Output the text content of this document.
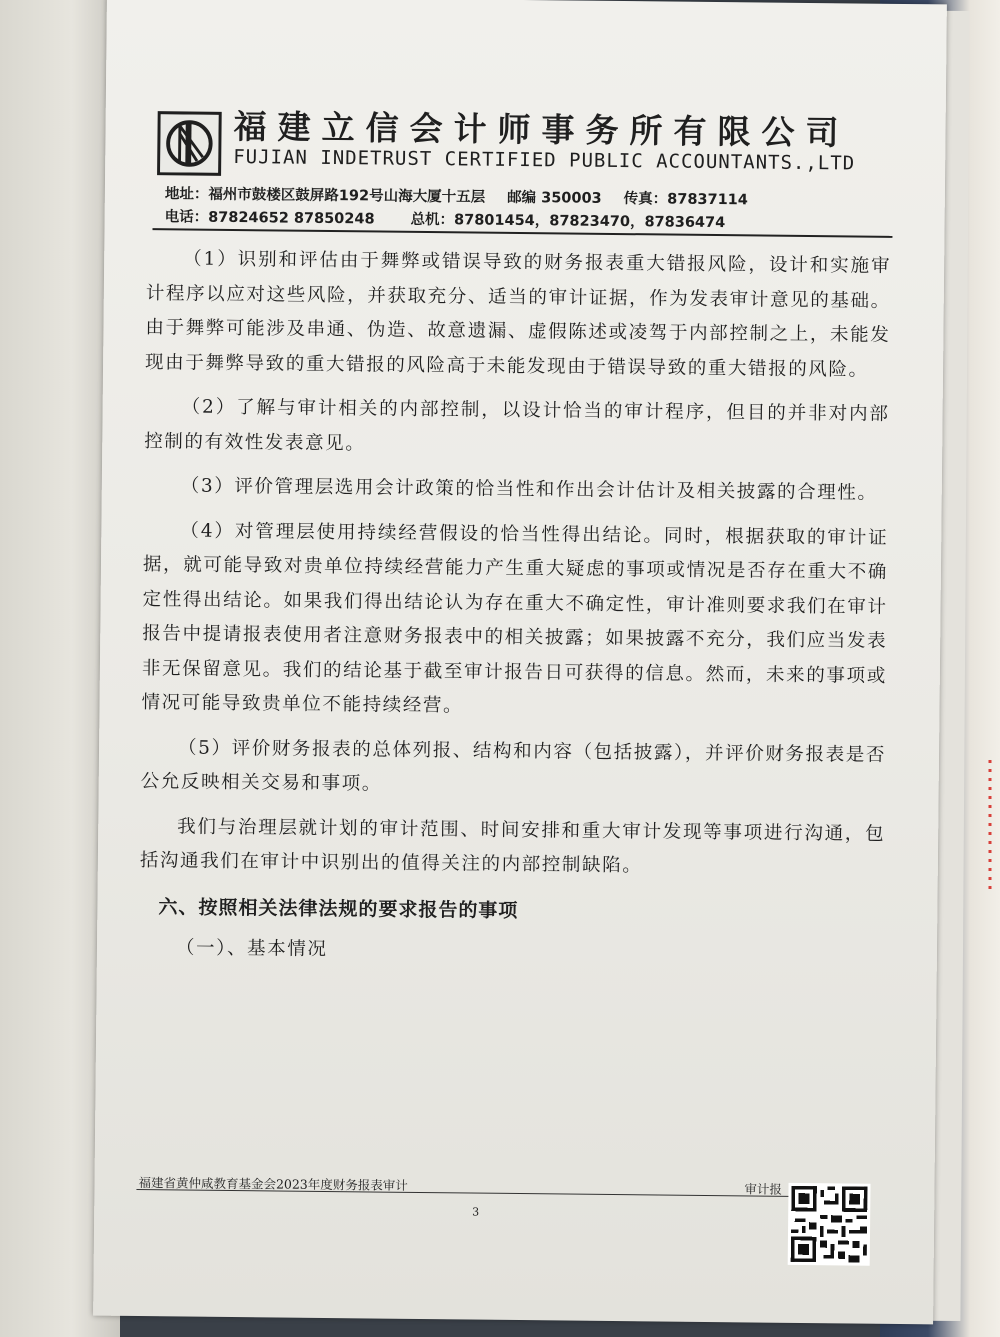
福建立信会计师事务所有限公司
FUJIAN INDETRUST CERTIFIED PUBLIC ACCOUNTANTS.,LTD
地址：福州市鼓楼区鼓屏路192号山海大厦十五层 邮编 350003 传真：87837114
电话：87824652 87850248 总机：87801454，87823470，87836474

（1）识别和评估由于舞弊或错误导致的财务报表重大错报风险，设计和实施审计程序以应对这些风险，并获取充分、适当的审计证据，作为发表审计意见的基础。由于舞弊可能涉及串通、伪造、故意遗漏、虚假陈述或凌驾于内部控制之上，未能发现由于舞弊导致的重大错报的风险高于未能发现由于错误导致的重大错报的风险。

（2）了解与审计相关的内部控制，以设计恰当的审计程序，但目的并非对内部控制的有效性发表意见。

（3）评价管理层选用会计政策的恰当性和作出会计估计及相关披露的合理性。

（4）对管理层使用持续经营假设的恰当性得出结论。同时，根据获取的审计证据，就可能导致对贵单位持续经营能力产生重大疑虑的事项或情况是否存在重大不确定性得出结论。如果我们得出结论认为存在重大不确定性，审计准则要求我们在审计报告中提请报表使用者注意财务报表中的相关披露；如果披露不充分，我们应当发表非无保留意见。我们的结论基于截至审计报告日可获得的信息。然而，未来的事项或情况可能导致贵单位不能持续经营。

（5）评价财务报表的总体列报、结构和内容（包括披露），并评价财务报表是否公允反映相关交易和事项。

我们与治理层就计划的审计范围、时间安排和重大审计发现等事项进行沟通，包括沟通我们在审计中识别出的值得关注的内部控制缺陷。

六、按照相关法律法规的要求报告的事项

（一）、基本情况

福建省黄仲咸教育基金会2023年度财务报表审计	审计报
3
